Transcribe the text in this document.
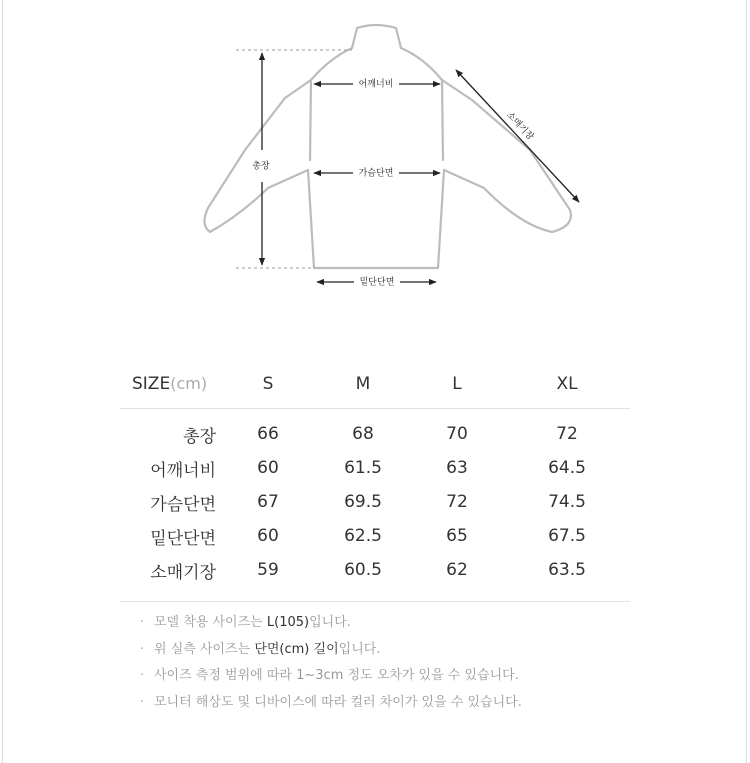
총장
어깨너비
가슴단면
밑단단면
소매기장
SIZE(cm)	S	M	L	XL
총장	66	68	70	72
어깨너비	60	61.5	63	64.5
가슴단면	67	69.5	72	74.5
밑단단면	60	62.5	65	67.5
소매기장	59	60.5	62	63.5
· 모델 착용 사이즈는 L(105)입니다.
· 위 실측 사이즈는 단면(cm) 길이입니다.
· 사이즈 측정 범위에 따라 1~3cm 정도 오차가 있을 수 있습니다.
· 모니터 해상도 및 디바이스에 따라 컬러 차이가 있을 수 있습니다.
